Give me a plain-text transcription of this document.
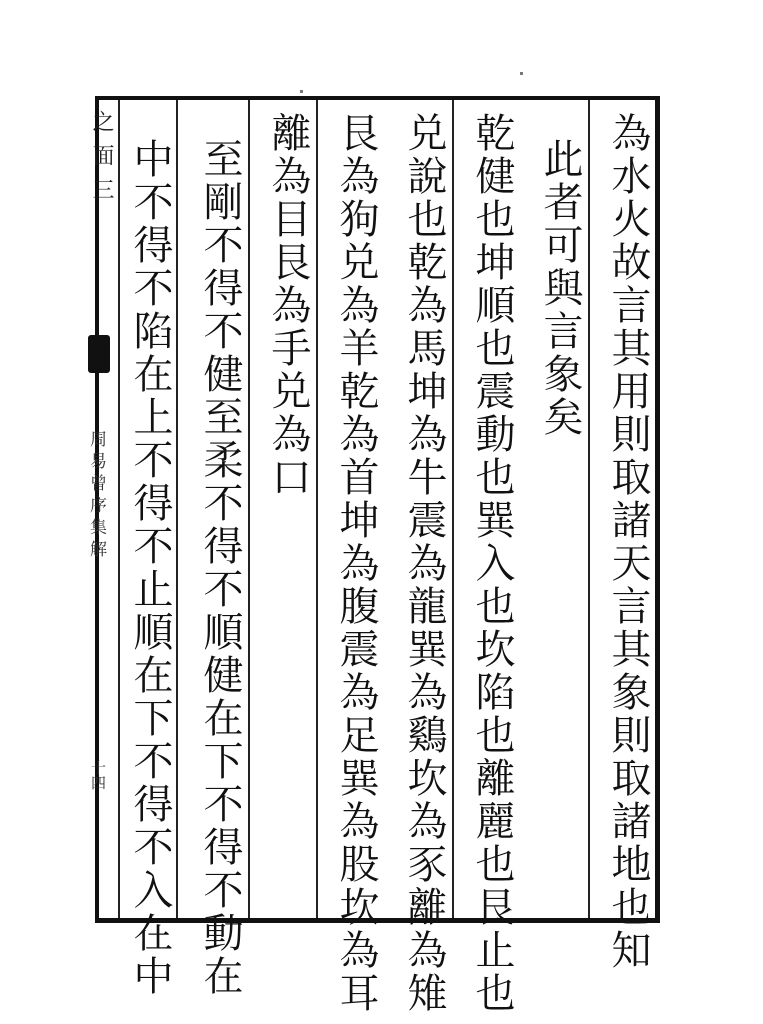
為水火故言其用則取諸天言其象則取諸地也知
此者可與言象矣
乾健也坤順也震動也巽入也坎陷也離麗也艮止也
兑說也乾為馬坤為牛震為龍巽為鷄坎為豕離為雉
艮為狗兑為羊乾為首坤為腹震為足巽為股坎為耳
離為目艮為手兑為口
至剛不得不健至柔不得不順健在下不得不動在
中不得不陷在上不得不止順在下不得不入在中
之面三
周易曾序集解
十四
